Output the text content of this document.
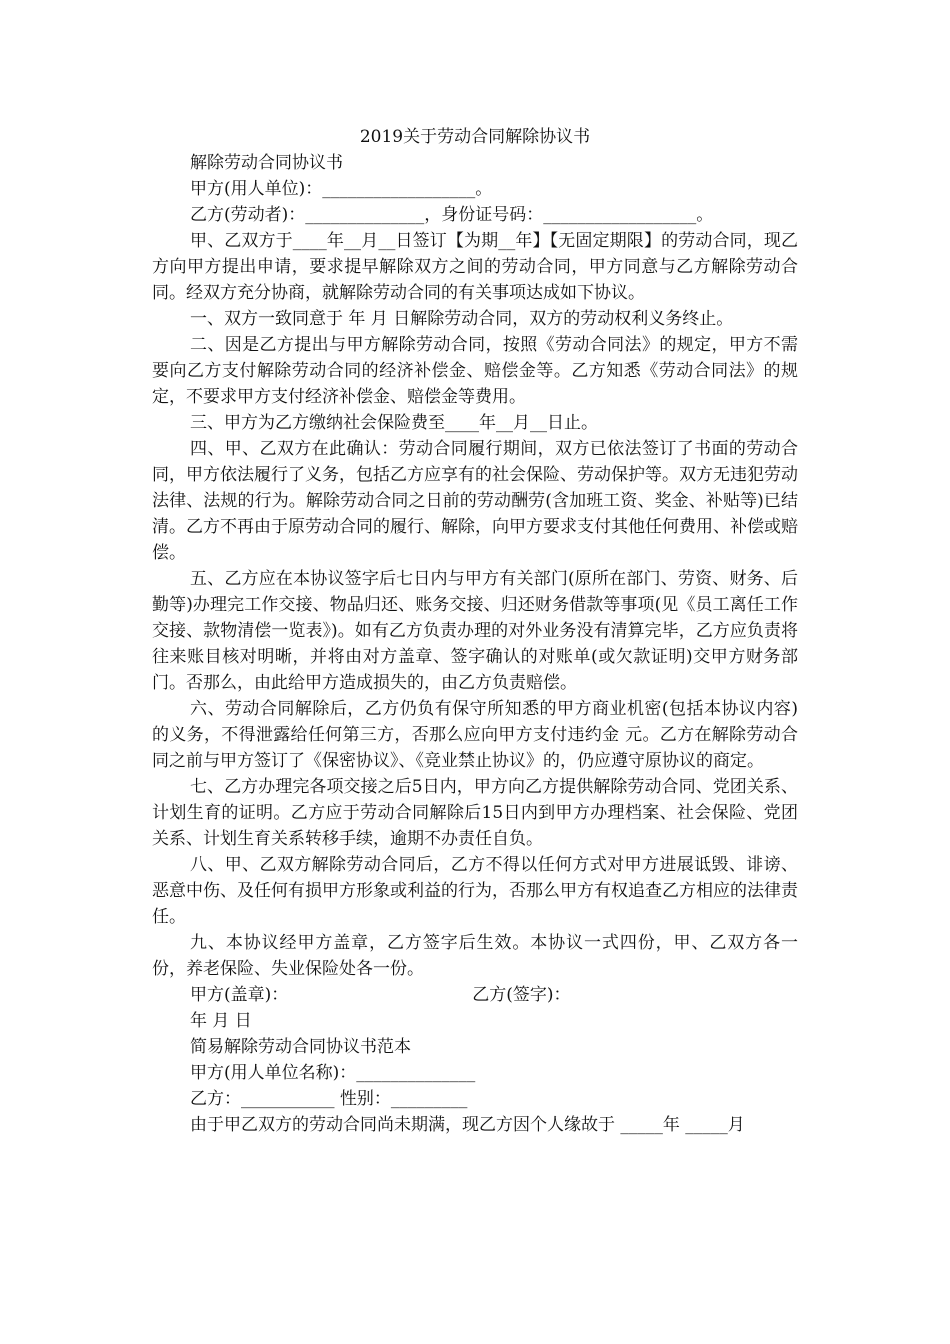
2019关于劳动合同解除协议书

解除劳动合同协议书

甲方(用人单位)：__________________。

乙方(劳动者)：______________，身份证号码：__________________。

甲、乙双方于____年__月__日签订【为期__年】【无固定期限】的劳动合同，现乙方向甲方提出申请，要求提早解除双方之间的劳动合同，甲方同意与乙方解除劳动合同。经双方充分协商，就解除劳动合同的有关事项达成如下协议。

一、双方一致同意于 年 月 日解除劳动合同，双方的劳动权利义务终止。

二、因是乙方提出与甲方解除劳动合同，按照《劳动合同法》的规定，甲方不需要向乙方支付解除劳动合同的经济补偿金、赔偿金等。乙方知悉《劳动合同法》的规定，不要求甲方支付经济补偿金、赔偿金等费用。

三、甲方为乙方缴纳社会保险费至____年__月__日止。

四、甲、乙双方在此确认：劳动合同履行期间，双方已依法签订了书面的劳动合同，甲方依法履行了义务，包括乙方应享有的社会保险、劳动保护等。双方无违犯劳动法律、法规的行为。解除劳动合同之日前的劳动酬劳(含加班工资、奖金、补贴等)已结清。乙方不再由于原劳动合同的履行、解除，向甲方要求支付其他任何费用、补偿或赔偿。

五、乙方应在本协议签字后七日内与甲方有关部门(原所在部门、劳资、财务、后勤等)办理完工作交接、物品归还、账务交接、归还财务借款等事项(见《员工离任工作交接、款物清偿一览表》)。如有乙方负责办理的对外业务没有清算完毕，乙方应负责将往来账目核对明晰，并将由对方盖章、签字确认的对账单(或欠款证明)交甲方财务部门。否那么，由此给甲方造成损失的，由乙方负责赔偿。

六、劳动合同解除后，乙方仍负有保守所知悉的甲方商业机密(包括本协议内容)的义务，不得泄露给任何第三方，否那么应向甲方支付违约金 元。乙方在解除劳动合同之前与甲方签订了《保密协议》、《竞业禁止协议》的，仍应遵守原协议的商定。

七、乙方办理完各项交接之后5日内，甲方向乙方提供解除劳动合同、党团关系、计划生育的证明。乙方应于劳动合同解除后15日内到甲方办理档案、社会保险、党团关系、计划生育关系转移手续，逾期不办责任自负。

八、甲、乙双方解除劳动合同后，乙方不得以任何方式对甲方进展诋毁、诽谤、恶意中伤、及任何有损甲方形象或利益的行为，否那么甲方有权追查乙方相应的法律责任。

九、本协议经甲方盖章，乙方签字后生效。本协议一式四份，甲、乙双方各一份，养老保险、失业保险处各一份。

甲方(盖章)：	乙方(签字)：

年 月 日

简易解除劳动合同协议书范本

甲方(用人单位名称)：______________

乙方：___________ 性别：_________

由于甲乙双方的劳动合同尚未期满，现乙方因个人缘故于 _____年 _____月
